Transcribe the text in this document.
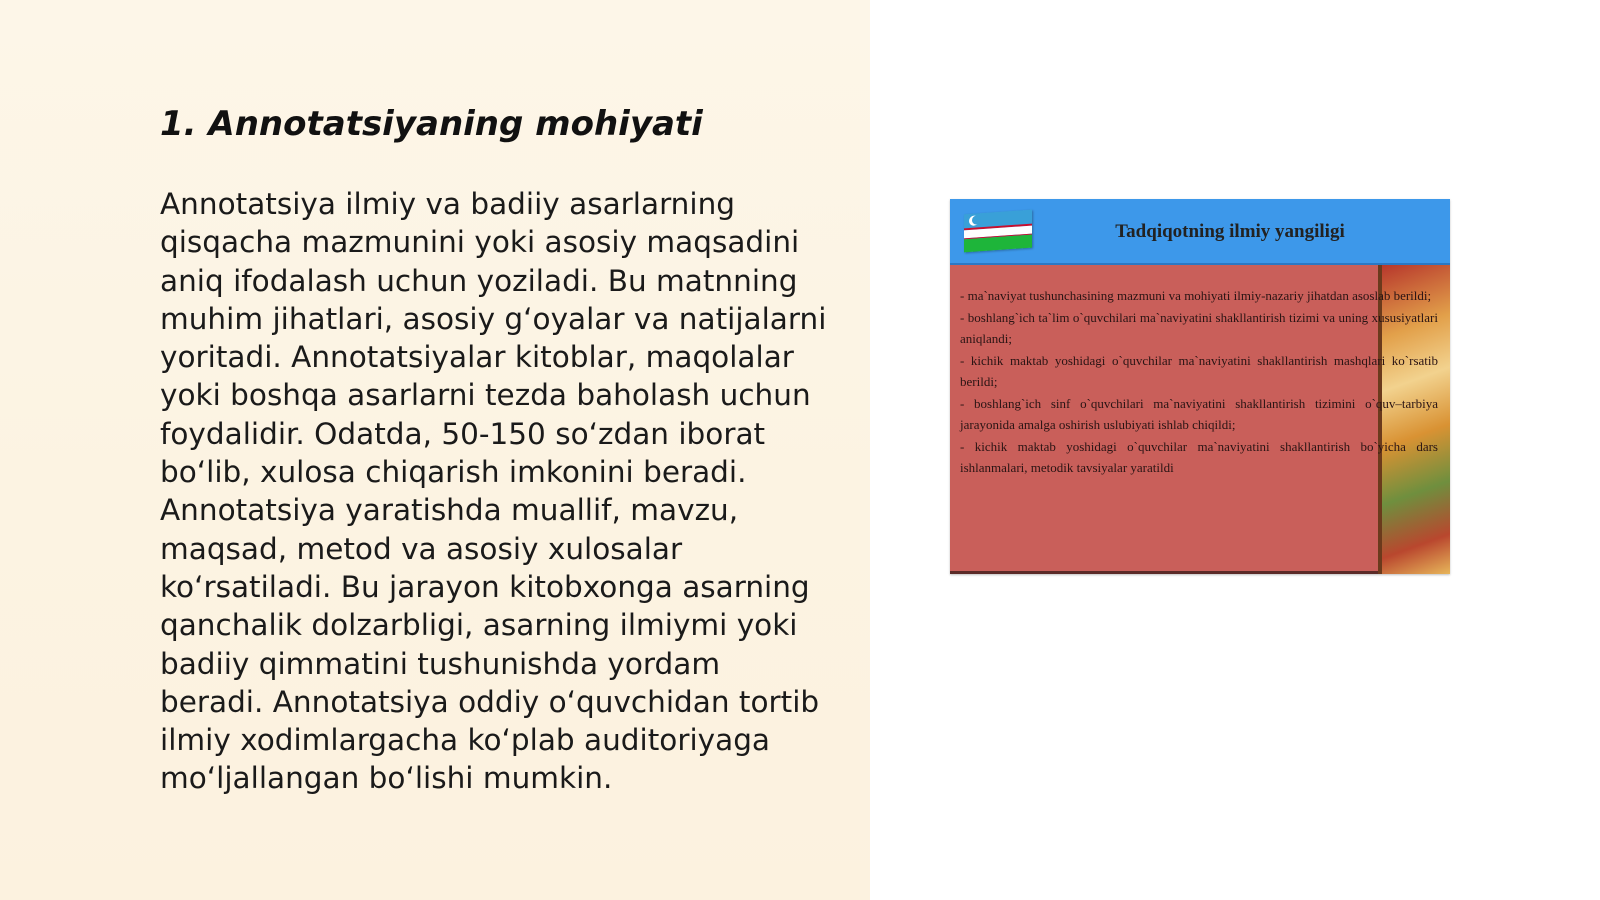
1. Annotatsiyaning mohiyati

Annotatsiya ilmiy va badiiy asarlarning
qisqacha mazmunini yoki asosiy maqsadini
aniq ifodalash uchun yoziladi. Bu matnning
muhim jihatlari, asosiy g‘oyalar va natijalarni
yoritadi. Annotatsiyalar kitoblar, maqolalar
yoki boshqa asarlarni tezda baholash uchun
foydalidir. Odatda, 50-150 so‘zdan iborat
bo‘lib, xulosa chiqarish imkonini beradi.
Annotatsiya yaratishda muallif, mavzu,
maqsad, metod va asosiy xulosalar
ko‘rsatiladi. Bu jarayon kitobxonga asarning
qanchalik dolzarbligi, asarning ilmiymi yoki
badiiy qimmatini tushunishda yordam
beradi. Annotatsiya oddiy o‘quvchidan tortib
ilmiy xodimlargacha ko‘plab auditoriyaga
mo‘ljallangan bo‘lishi mumkin.

Tadqiqotning ilmiy yangiligi

- ma`naviyat tushunchasining mazmuni va mohiyati ilmiy-nazariy jihatdan asoslab berildi;
- boshlang`ich ta`lim o`quvchilari ma`naviyatini shakllantirish tizimi va uning xususiyatlari aniqlandi;
- kichik maktab yoshidagi o`quvchilar ma`naviyatini shakllantirish mashqlari ko`rsatib berildi;
- boshlang`ich sinf o`quvchilari ma`naviyatini shakllantirish tizimini o`quv–tarbiya jarayonida amalga oshirish uslubiyati ishlab chiqildi;
- kichik maktab yoshidagi o`quvchilar ma`naviyatini shakllantirish bo`yicha dars ishlanmalari, metodik tavsiyalar yaratildi
